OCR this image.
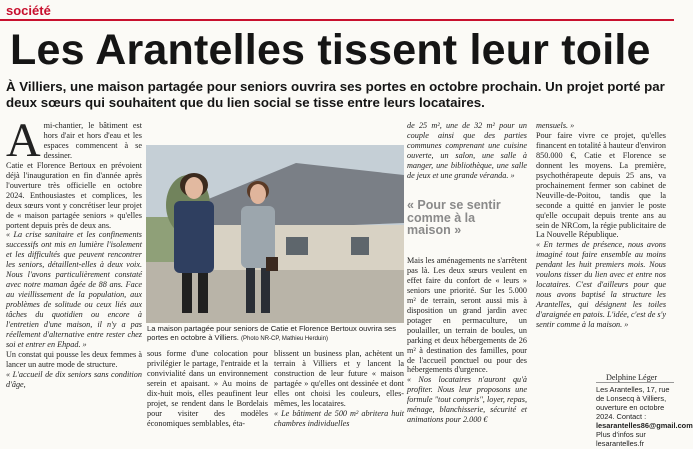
société
Les Arantelles tissent leur toile
À Villiers, une maison partagée pour seniors ouvrira ses portes en octobre prochain. Un projet porté par deux sœurs qui souhaitent que du lien social se tisse entre leurs locataires.
A mi-chantier, le bâtiment est hors d'air et hors d'eau et les espaces commencent à se dessiner.

Catie et Florence Bertoux en prévoient déjà l'inauguration en fin d'année après l'ouverture très officielle en octobre 2024. Enthousiastes et complices, les deux sœurs vont y concrétiser leur projet de « maison partagée seniors » qu'elles portent depuis près de deux ans.

« La crise sanitaire et les confinements successifs ont mis en lumière l'isolement et les difficultés que peuvent rencontrer les seniors, détaillent-elles à deux voix. Nous l'avons particulièrement constaté avec notre maman âgée de 88 ans. Face au vieillissement de la population, aux problèmes de solitude ou ceux liés aux tâches du quotidien ou encore à l'entretien d'une maison, il n'y a pas réellement d'alternative entre rester chez soi et entrer en Ehpad. »

Un constat qui pousse les deux femmes à lancer un autre mode de structure.

« L'accueil de dix seniors sans condition d'âge,

La maison partagée pour seniors de Catie et Florence Bertoux ouvrira ses portes en octobre à Villiers. (Photo NR-CP, Mathieu Herduin)

sous forme d'une colocation pour privilégier le partage, l'entraide et la convivialité dans un environnement serein et apaisant. » Au moins de dix-huit mois, elles peaufinent leur projet, se rendent dans le Bordelais pour visiter des modèles économiques semblables, éta-

blissent un business plan, achètent un terrain à Villiers et y lancent la construction de leur future « maison partagée » qu'elles ont dessinée et dont elles ont choisi les couleurs, elles-mêmes, les locataires.

« Le bâtiment de 500 m² abritera huit chambres individuelles

de 25 m², une de 32 m² pour un couple ainsi que des parties communes comprenant une cuisine ouverte, un salon, une salle à manger, une bibliothèque, une salle de jeux et une grande véranda. »

« Pour se sentir comme à la maison »

Mais les aménagements ne s'arrêtent pas là. Les deux sœurs veulent en effet faire du confort de « leurs » seniors une priorité. Sur les 5.000 m² de terrain, seront aussi mis à disposition un grand jardin avec potager en permaculture, un poulailler, un terrain de boules, un parking et deux hébergements de 26 m² à destination des familles, pour de l'accueil ponctuel ou pour des hébergements d'urgence.

« Nos locataires n'auront qu'à profiter. Nous leur proposons une formule "tout compris", loyer, repas, ménage, blanchisserie, sécurité et animations pour 2.000 €

mensuels. »

Pour faire vivre ce projet, qu'elles financent en totalité à hauteur d'environ 850.000 €, Catie et Florence se donnent les moyens. La première, psychothérapeute depuis 25 ans, va prochainement fermer son cabinet de Neuville-de-Poitou, tandis que la seconde a quitté en janvier le poste qu'elle occupait depuis trente ans au sein de NRCom, la régie publicitaire de La Nouvelle République.

« En termes de présence, nous avons imaginé tout faire ensemble au moins pendant les huit premiers mois. Nous voulons tisser du lien avec et entre nos locataires. C'est d'ailleurs pour que nous avons baptisé la structure les Arantelles, qui désignent les toiles d'araignée en patois. L'idée, c'est de s'y sentir comme à la maison. »

Delphine Léger
Les Arantelles, 17, rue de Lonsecq à Villiers, ouverture en octobre 2024. Contact :
lesarantelles86@gmail.com
Plus d'infos sur lesarantelles.fr
